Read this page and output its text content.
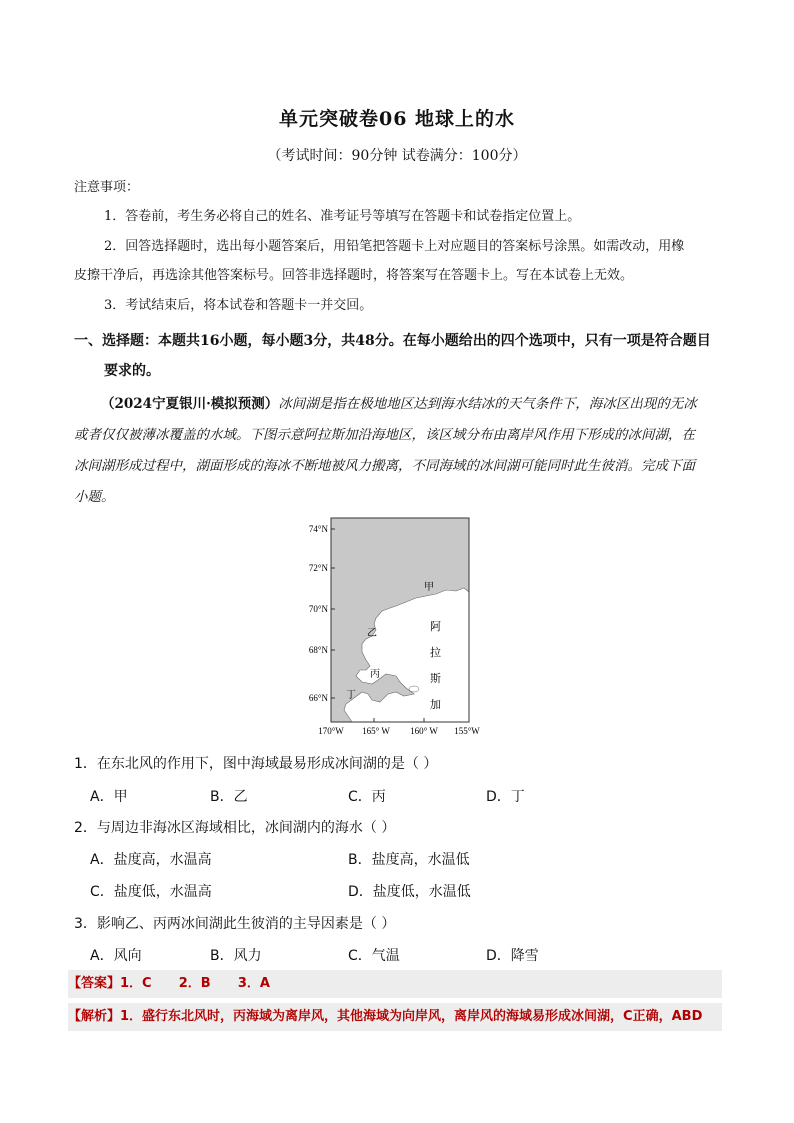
单元突破卷06 地球上的水
（考试时间：90分钟 试卷满分：100分）
注意事项：
1．答卷前，考生务必将自己的姓名、准考证号等填写在答题卡和试卷指定位置上。
2．回答选择题时，选出每小题答案后，用铅笔把答题卡上对应题目的答案标号涂黑。如需改动，用橡
皮擦干净后，再选涂其他答案标号。回答非选择题时，将答案写在答题卡上。写在本试卷上无效。
3．考试结束后，将本试卷和答题卡一并交回。
一、选择题：本题共16小题，每小题3分，共48分。在每小题给出的四个选项中，只有一项是符合题目
要求的。
（2024宁夏银川·模拟预测）冰间湖是指在极地地区达到海水结冰的天气条件下，海冰区出现的无冰
或者仅仅被薄冰覆盖的水域。下图示意阿拉斯加沿海地区，该区域分布由离岸风作用下形成的冰间湖，在
冰间湖形成过程中，湖面形成的海冰不断地被风力搬离，不同海域的冰间湖可能同时此生彼消。完成下面
小题。
74°N
72°N
70°N
68°N
66°N
170°W 165° W 160° W 155°W
甲
乙
丙
丁
阿
拉
斯
加
1．在东北风的作用下，图中海域最易形成冰间湖的是（ ）
A．甲	B．乙	C．丙	D．丁
2．与周边非海冰区海域相比，冰间湖内的海水（ ）
A．盐度高，水温高	B．盐度高，水温低
C．盐度低，水温高	D．盐度低，水温低
3．影响乙、丙两冰间湖此生彼消的主导因素是（ ）
A．风向	B．风力	C．气温	D．降雪
【答案】1．C      2．B      3．A
【解析】1．盛行东北风时，丙海域为离岸风，其他海域为向岸风，离岸风的海域易形成冰间湖，C正确，ABD
